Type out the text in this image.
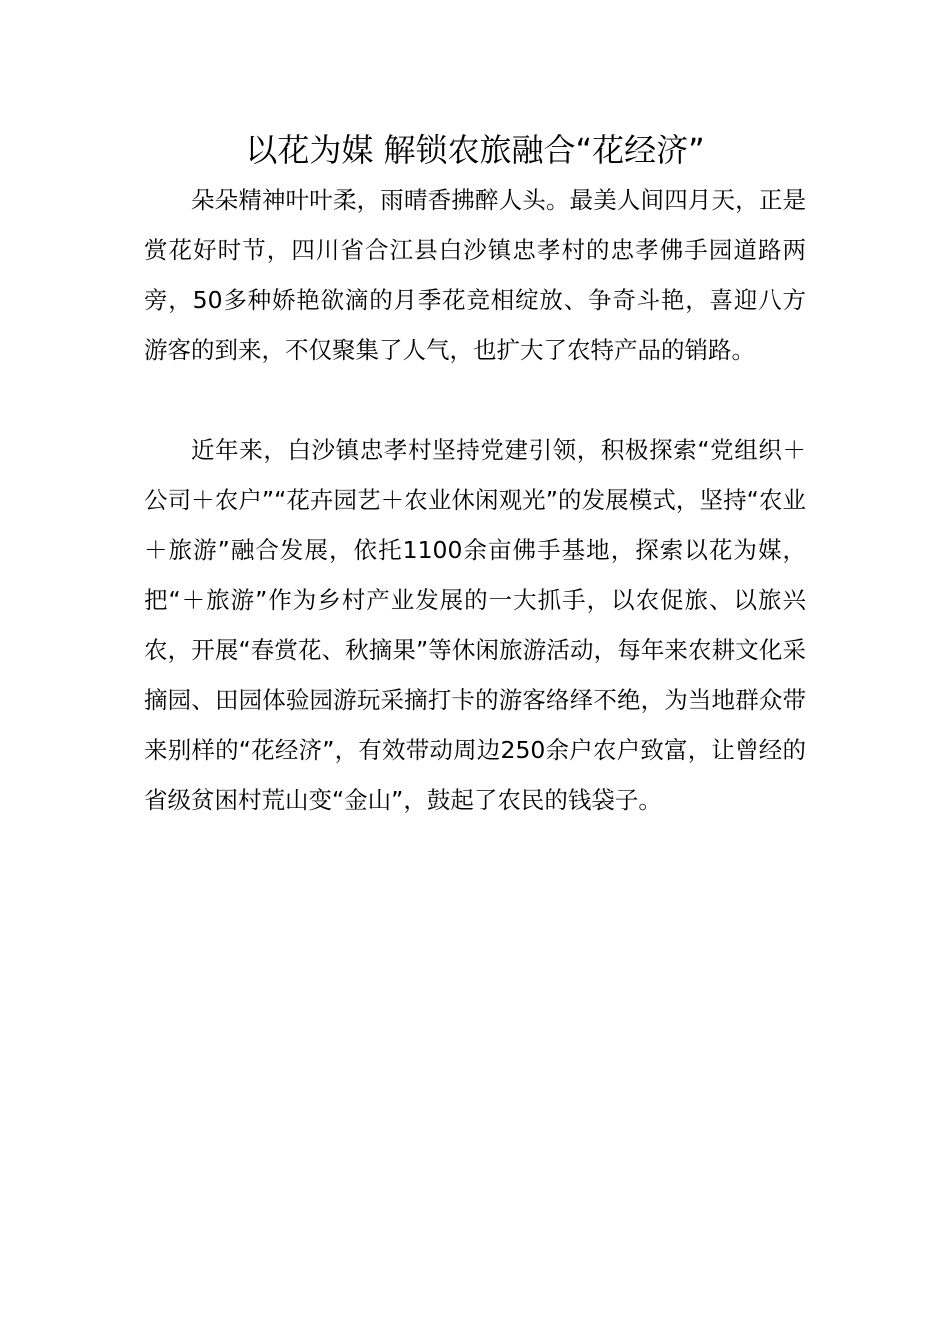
以花为媒 解锁农旅融合“花经济”

朵朵精神叶叶柔，雨晴香拂醉人头。最美人间四月天，正是赏花好时节，四川省合江县白沙镇忠孝村的忠孝佛手园道路两旁，50多种娇艳欲滴的月季花竞相绽放、争奇斗艳，喜迎八方游客的到来，不仅聚集了人气，也扩大了农特产品的销路。

近年来，白沙镇忠孝村坚持党建引领，积极探索“党组织＋公司＋农户”“花卉园艺＋农业休闲观光”的发展模式，坚持“农业＋旅游”融合发展，依托1100余亩佛手基地，探索以花为媒，把“＋旅游”作为乡村产业发展的一大抓手，以农促旅、以旅兴农，开展“春赏花、秋摘果”等休闲旅游活动，每年来农耕文化采摘园、田园体验园游玩采摘打卡的游客络绎不绝，为当地群众带来别样的“花经济”，有效带动周边250余户农户致富，让曾经的省级贫困村荒山变“金山”，鼓起了农民的钱袋子。
